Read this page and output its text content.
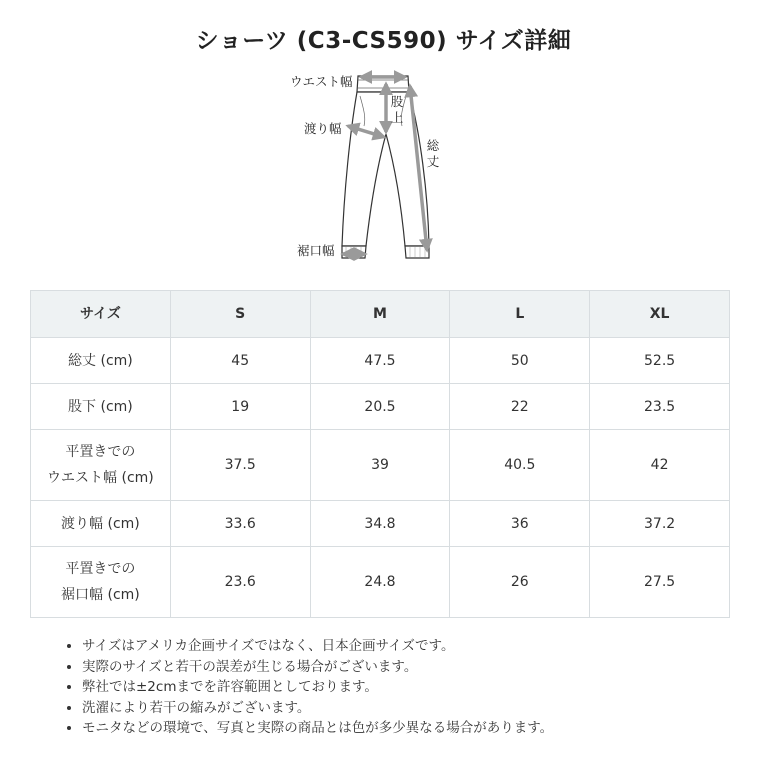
ショーツ (C3-CS590) サイズ詳細
ウエスト幅
股上
渡り幅
総丈
裾口幅
サイズ	S	M	L	XL
総丈 (cm)	45	47.5	50	52.5
股下 (cm)	19	20.5	22	23.5
平置きでの
ウエスト幅 (cm)	37.5	39	40.5	42
渡り幅 (cm)	33.6	34.8	36	37.2
平置きでの
裾口幅 (cm)	23.6	24.8	26	27.5
• サイズはアメリカ企画サイズではなく、日本企画サイズです。
• 実際のサイズと若干の誤差が生じる場合がございます。
• 弊社では±2cmまでを許容範囲としております。
• 洗濯により若干の縮みがございます。
• モニタなどの環境で、写真と実際の商品とは色が多少異なる場合があります。
